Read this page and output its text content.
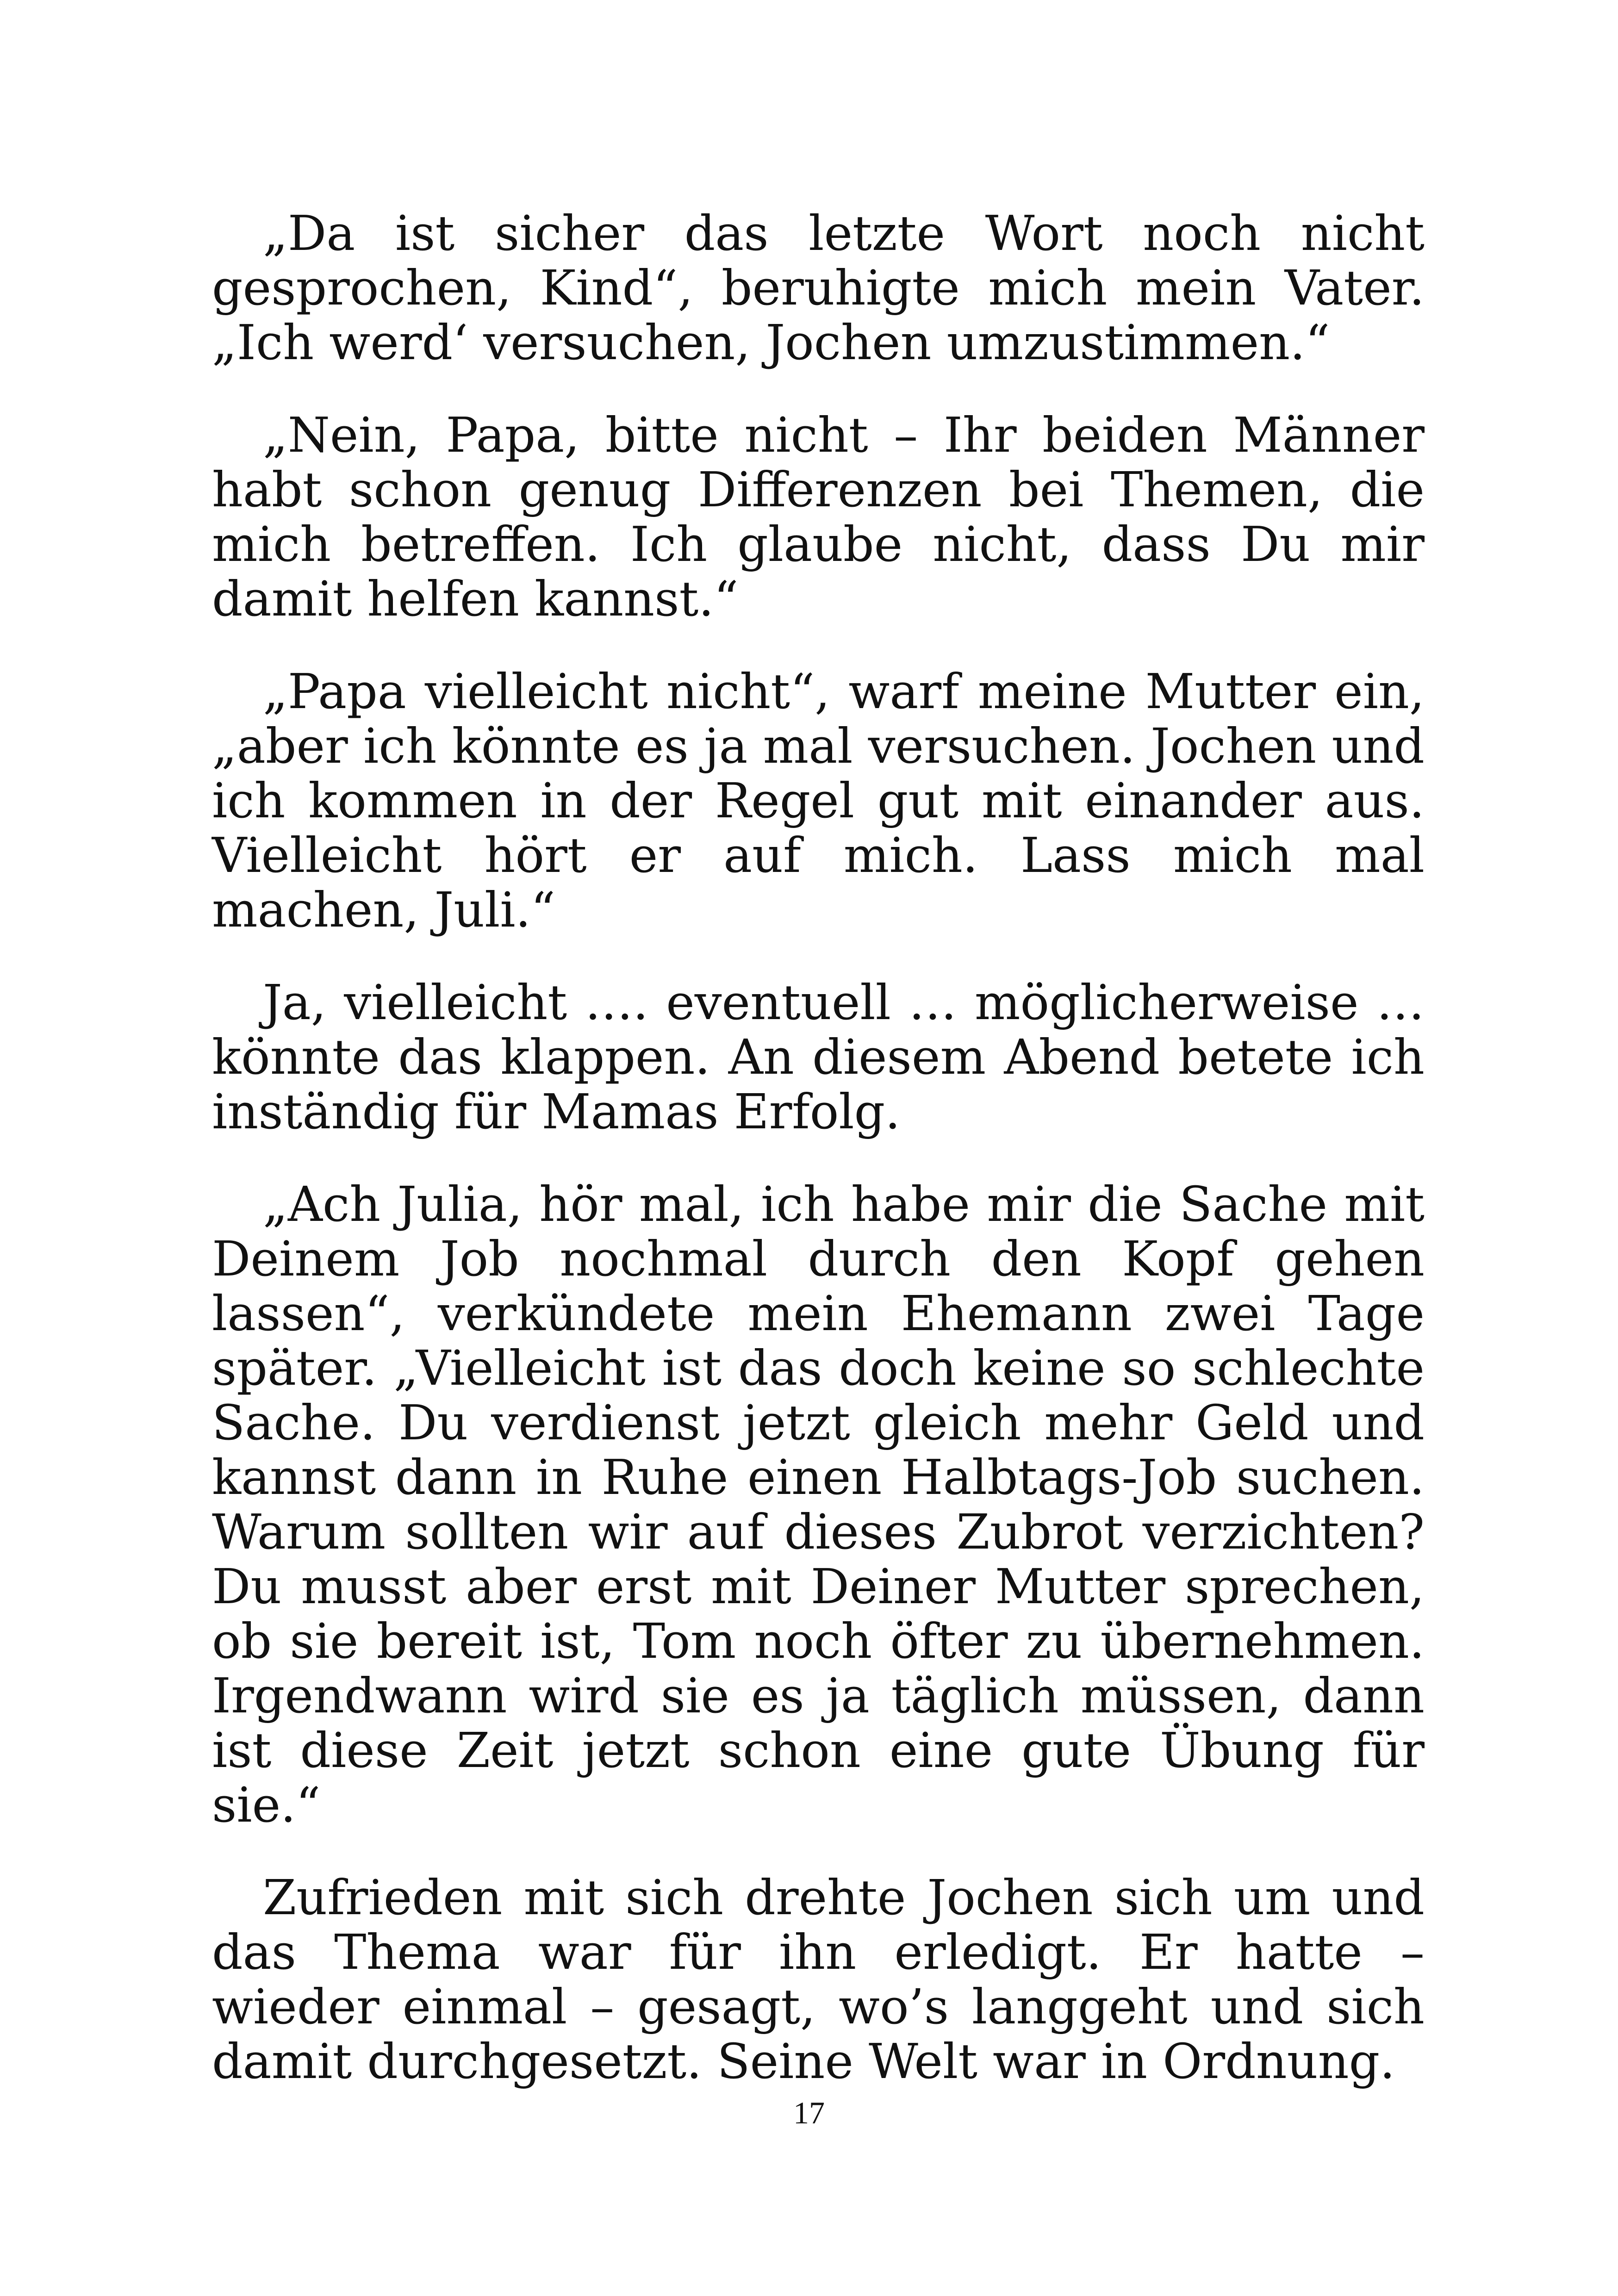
„Da ist sicher das letzte Wort noch nicht gesprochen, Kind“, beruhigte mich mein Vater. „Ich werd‘ versuchen, Jochen umzustimmen.“

„Nein, Papa, bitte nicht – Ihr beiden Männer habt schon genug Differenzen bei Themen, die mich betreffen. Ich glaube nicht, dass Du mir damit helfen kannst.“

„Papa vielleicht nicht“, warf meine Mutter ein, „aber ich könnte es ja mal versuchen. Jochen und ich kommen in der Regel gut mit einander aus. Vielleicht hört er auf mich. Lass mich mal machen, Juli.“

Ja, vielleicht …. eventuell … möglicherweise … könnte das klappen. An diesem Abend betete ich inständig für Mamas Erfolg.

„Ach Julia, hör mal, ich habe mir die Sache mit Deinem Job nochmal durch den Kopf gehen lassen“, verkündete mein Ehemann zwei Tage später. „Vielleicht ist das doch keine so schlechte Sache. Du verdienst jetzt gleich mehr Geld und kannst dann in Ruhe einen Halbtags-Job suchen. Warum sollten wir auf dieses Zubrot verzichten? Du musst aber erst mit Deiner Mutter sprechen, ob sie bereit ist, Tom noch öfter zu übernehmen. Irgendwann wird sie es ja täglich müssen, dann ist diese Zeit jetzt schon eine gute Übung für sie.“

Zufrieden mit sich drehte Jochen sich um und das Thema war für ihn erledigt. Er hatte – wieder einmal – gesagt, wo’s langgeht und sich damit durchgesetzt. Seine Welt war in Ordnung.

17
